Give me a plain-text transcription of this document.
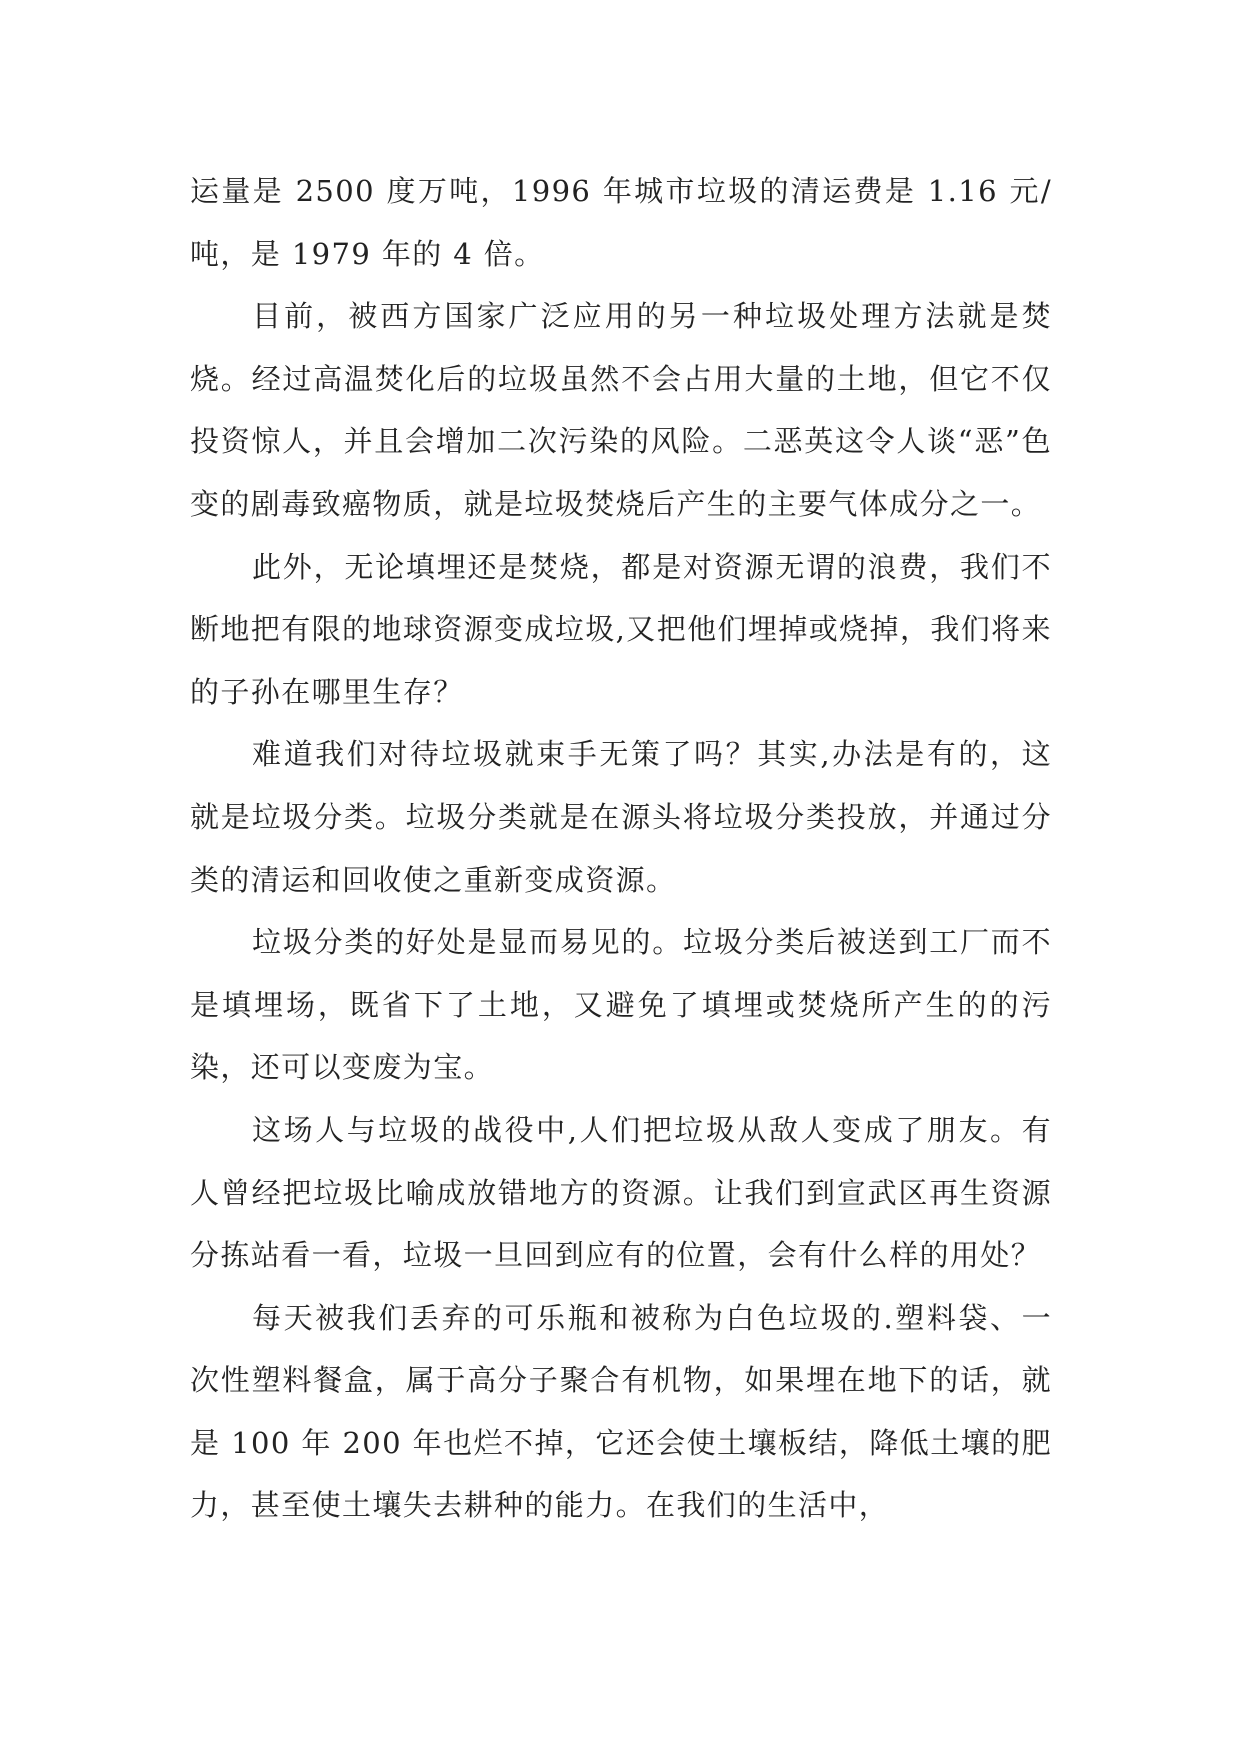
运量是 2500 度万吨，1996 年城市垃圾的清运费是 1.16 元/吨，是 1979 年的 4 倍。

目前，被西方国家广泛应用的另一种垃圾处理方法就是焚烧。经过高温焚化后的垃圾虽然不会占用大量的土地，但它不仅投资惊人，并且会增加二次污染的风险。二恶英这令人谈“恶”色变的剧毒致癌物质，就是垃圾焚烧后产生的主要气体成分之一。

此外，无论填埋还是焚烧，都是对资源无谓的浪费，我们不断地把有限的地球资源变成垃圾,又把他们埋掉或烧掉，我们将来的子孙在哪里生存？

难道我们对待垃圾就束手无策了吗？其实,办法是有的，这就是垃圾分类。垃圾分类就是在源头将垃圾分类投放，并通过分类的清运和回收使之重新变成资源。

垃圾分类的好处是显而易见的。垃圾分类后被送到工厂而不是填埋场，既省下了土地，又避免了填埋或焚烧所产生的的污染，还可以变废为宝。

这场人与垃圾的战役中,人们把垃圾从敌人变成了朋友。有人曾经把垃圾比喻成放错地方的资源。让我们到宣武区再生资源分拣站看一看，垃圾一旦回到应有的位置，会有什么样的用处？

每天被我们丢弃的可乐瓶和被称为白色垃圾的.塑料袋、一次性塑料餐盒，属于高分子聚合有机物，如果埋在地下的话，就是 100 年 200 年也烂不掉，它还会使土壤板结，降低土壤的肥力，甚至使土壤失去耕种的能力。在我们的生活中，
